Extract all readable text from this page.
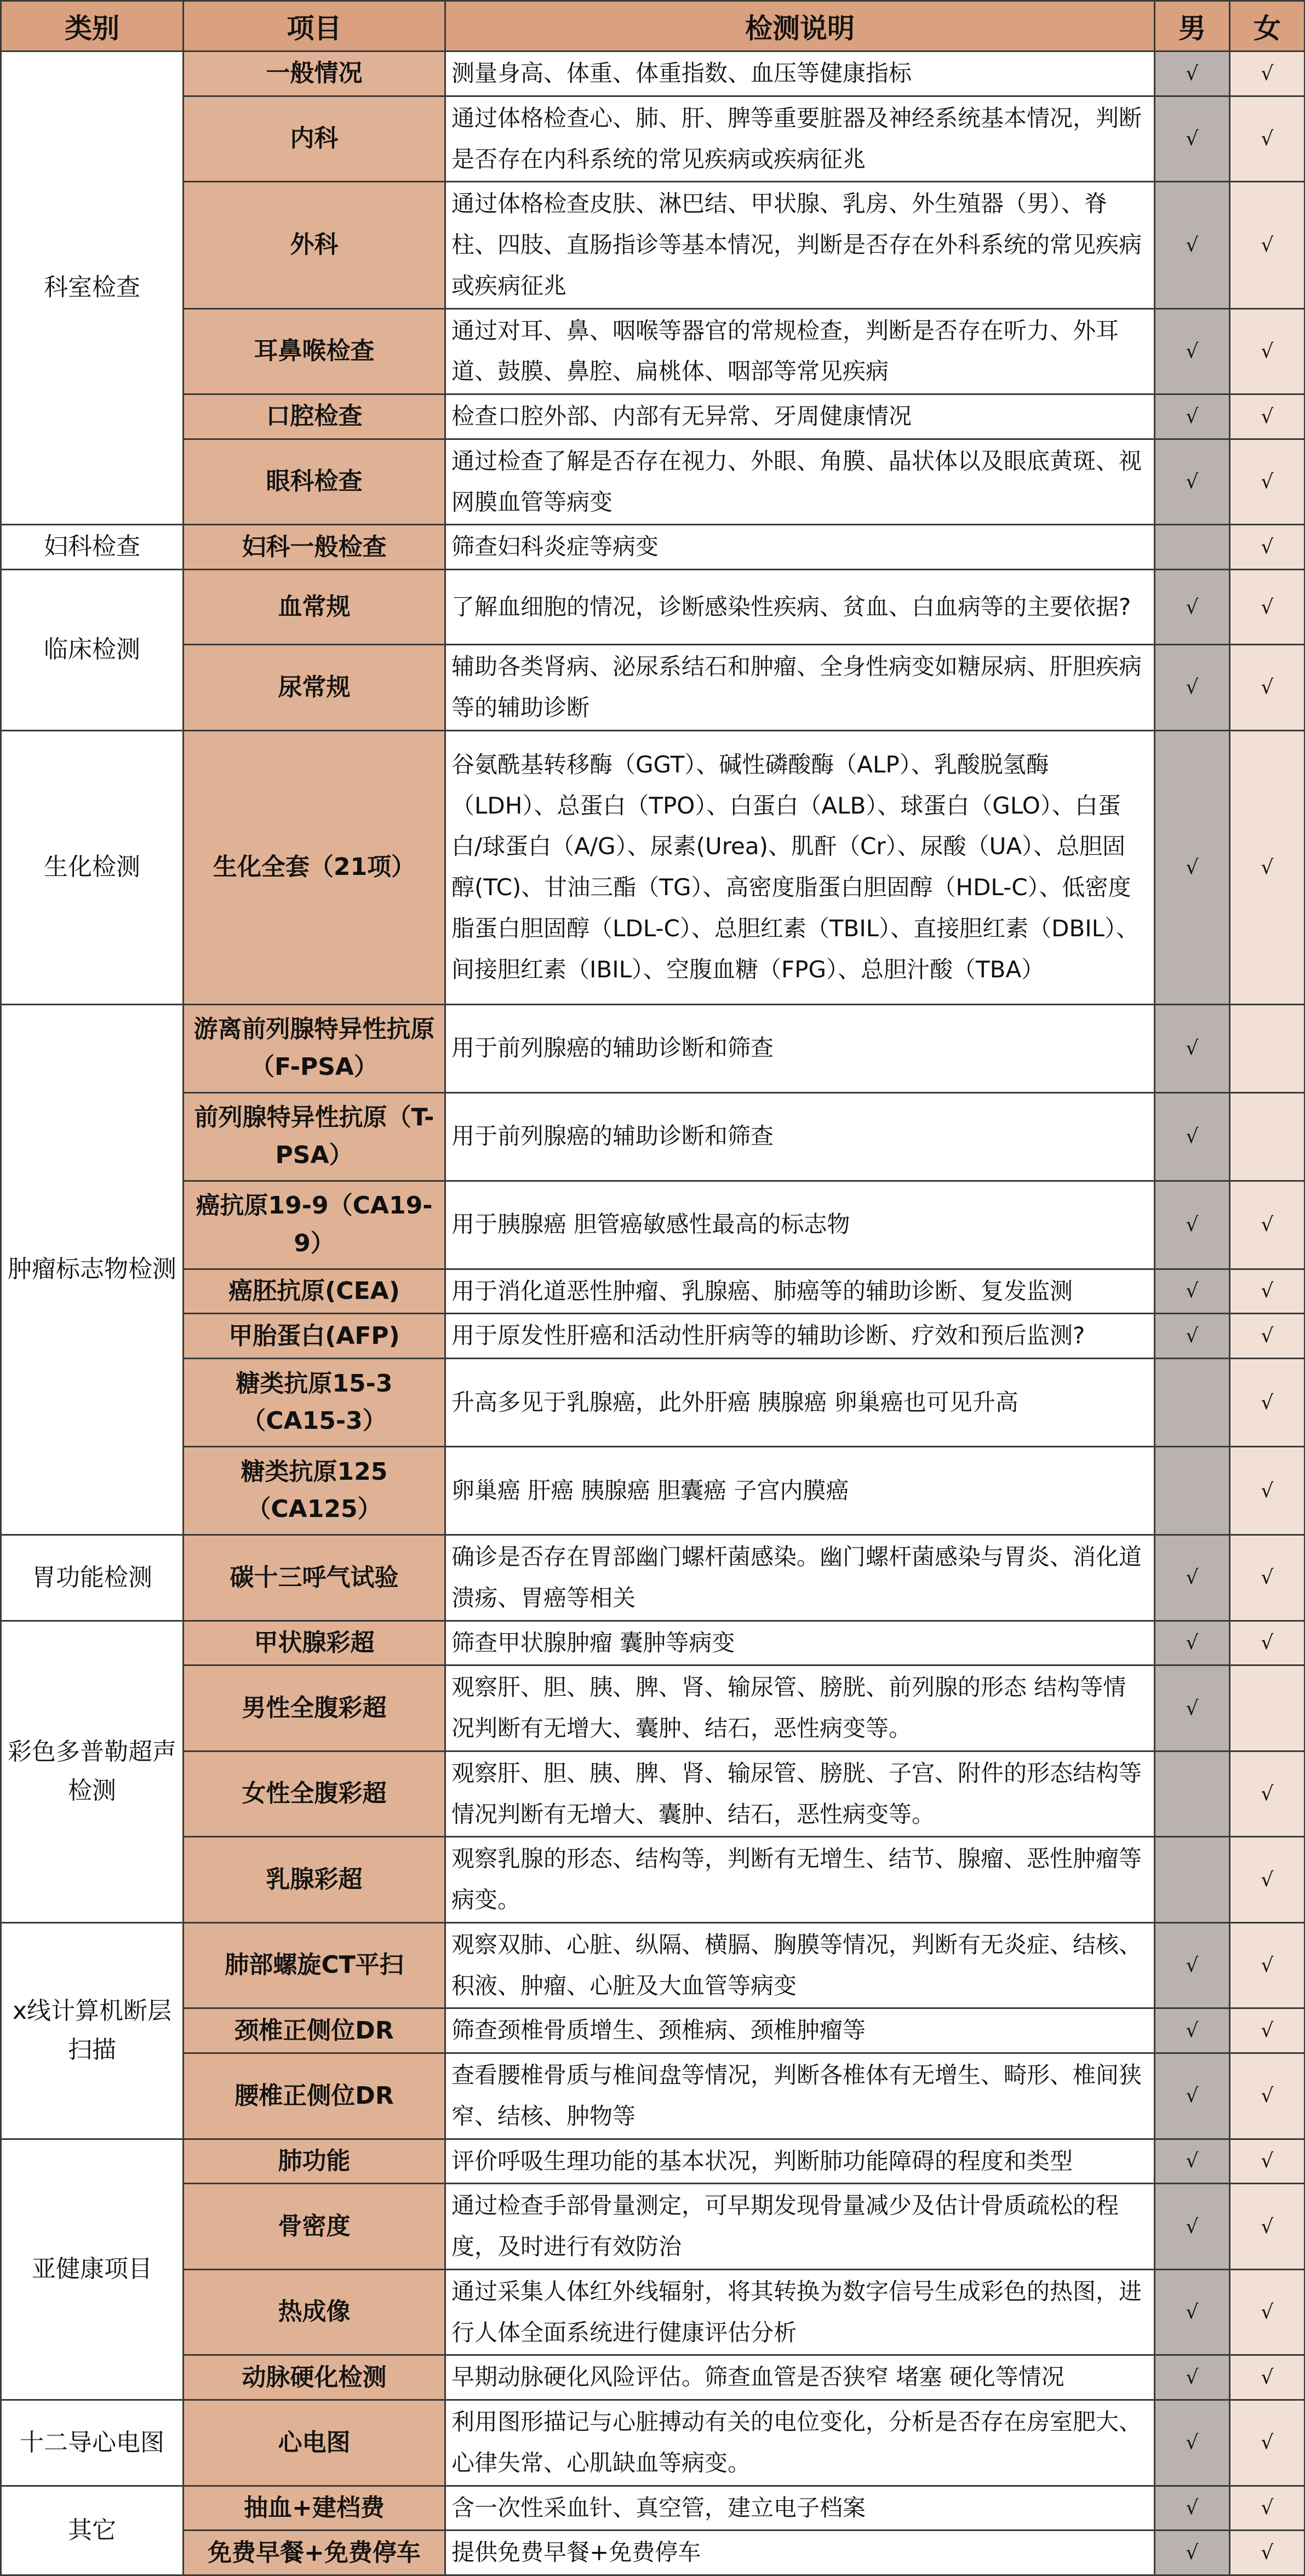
类别	项目	检测说明	男	女
科室检查	一般情况	测量身高、体重、体重指数、血压等健康指标	√	√
	内科	通过体格检查心、肺、肝、脾等重要脏器及神经系统基本情况，判断是否存在内科系统的常见疾病或疾病征兆	√	√
	外科	通过体格检查皮肤、淋巴结、甲状腺、乳房、外生殖器（男）、脊柱、四肢、直肠指诊等基本情况，判断是否存在外科系统的常见疾病或疾病征兆	√	√
	耳鼻喉检查	通过对耳、鼻、咽喉等器官的常规检查，判断是否存在听力、外耳道、鼓膜、鼻腔、扁桃体、咽部等常见疾病	√	√
	口腔检查	检查口腔外部、内部有无异常、牙周健康情况	√	√
	眼科检查	通过检查了解是否存在视力、外眼、角膜、晶状体以及眼底黄斑、视网膜血管等病变	√	√
妇科检查	妇科一般检查	筛查妇科炎症等病变		√
临床检测	血常规	了解血细胞的情况，诊断感染性疾病、贫血、白血病等的主要依据?	√	√
	尿常规	辅助各类肾病、泌尿系结石和肿瘤、全身性病变如糖尿病、肝胆疾病等的辅助诊断	√	√
生化检测	生化全套（21项）	谷氨酰基转移酶（GGT）、碱性磷酸酶（ALP）、乳酸脱氢酶（LDH）、总蛋白（TPO）、白蛋白（ALB）、球蛋白（GLO）、白蛋白/球蛋白（A/G）、尿素(Urea)、肌酐（Cr）、尿酸（UA）、总胆固醇(TC)、甘油三酯（TG）、高密度脂蛋白胆固醇（HDL-C）、低密度脂蛋白胆固醇（LDL-C）、总胆红素（TBIL）、直接胆红素（DBIL）、间接胆红素（IBIL）、空腹血糖（FPG）、总胆汁酸（TBA）	√	√
肿瘤标志物检测	游离前列腺特异性抗原（F-PSA）	用于前列腺癌的辅助诊断和筛查	√	
	前列腺特异性抗原（T-PSA）	用于前列腺癌的辅助诊断和筛查	√	
	癌抗原19-9（CA19-9）	用于胰腺癌 胆管癌敏感性最高的标志物	√	√
	癌胚抗原(CEA)	用于消化道恶性肿瘤、乳腺癌、肺癌等的辅助诊断、复发监测	√	√
	甲胎蛋白(AFP)	用于原发性肝癌和活动性肝病等的辅助诊断、疗效和预后监测?	√	√
	糖类抗原15-3（CA15-3）	升高多见于乳腺癌，此外肝癌 胰腺癌 卵巢癌也可见升高		√
	糖类抗原125（CA125）	卵巢癌 肝癌 胰腺癌 胆囊癌 子宫内膜癌		√
胃功能检测	碳十三呼气试验	确诊是否存在胃部幽门螺杆菌感染。幽门螺杆菌感染与胃炎、消化道溃疡、胃癌等相关	√	√
彩色多普勒超声检测	甲状腺彩超	筛查甲状腺肿瘤 囊肿等病变	√	√
	男性全腹彩超	观察肝、胆、胰、脾、肾、输尿管、膀胱、前列腺的形态 结构等情况判断有无增大、囊肿、结石，恶性病变等。	√	
	女性全腹彩超	观察肝、胆、胰、脾、肾、输尿管、膀胱、子宫、附件的形态结构等情况判断有无增大、囊肿、结石，恶性病变等。		√
	乳腺彩超	观察乳腺的形态、结构等，判断有无增生、结节、腺瘤、恶性肿瘤等病变。		√
x线计算机断层扫描	肺部螺旋CT平扫	观察双肺、心脏、纵隔、横膈、胸膜等情况，判断有无炎症、结核、积液、肿瘤、心脏及大血管等病变	√	√
	颈椎正侧位DR	筛查颈椎骨质增生、颈椎病、颈椎肿瘤等	√	√
	腰椎正侧位DR	查看腰椎骨质与椎间盘等情况，判断各椎体有无增生、畸形、椎间狭窄、结核、肿物等	√	√
亚健康项目	肺功能	评价呼吸生理功能的基本状况，判断肺功能障碍的程度和类型	√	√
	骨密度	通过检查手部骨量测定，可早期发现骨量减少及估计骨质疏松的程度，及时进行有效防治	√	√
	热成像	通过采集人体红外线辐射，将其转换为数字信号生成彩色的热图，进行人体全面系统进行健康评估分析	√	√
	动脉硬化检测	早期动脉硬化风险评估。筛查血管是否狭窄 堵塞 硬化等情况	√	√
十二导心电图	心电图	利用图形描记与心脏搏动有关的电位变化，分析是否存在房室肥大、心律失常、心肌缺血等病变。	√	√
其它	抽血+建档费	含一次性采血针、真空管，建立电子档案	√	√
	免费早餐+免费停车	提供免费早餐+免费停车	√	√
